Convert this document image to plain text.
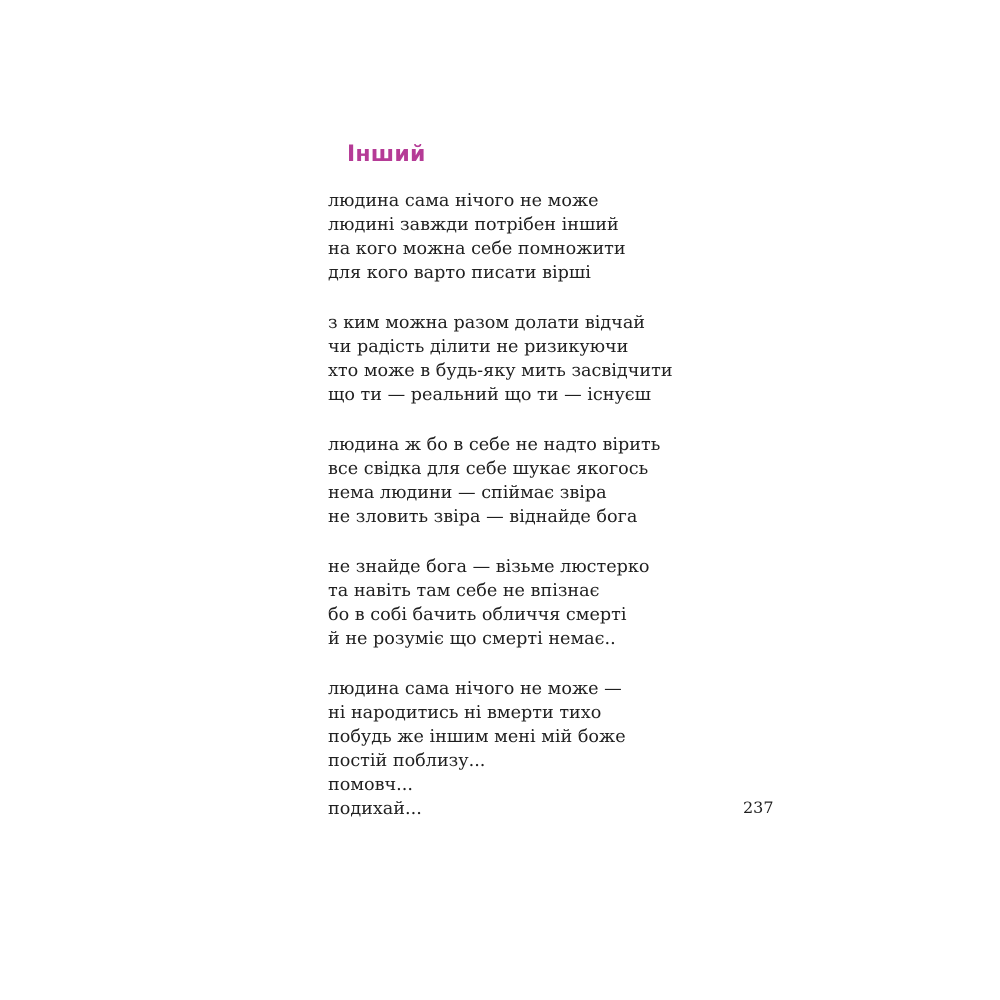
Інший
людина сама нічого не може
людині завжди потрібен інший
на кого можна себе помножити
для кого варто писати вірші
з ким можна разом долати відчай
чи радість ділити не ризикуючи
хто може в будь-яку мить засвідчити
що ти — реальний що ти — існуєш
людина ж бо в себе не надто вірить
все свідка для себе шукає якогось
нема людини — спіймає звіра
не зловить звіра — віднайде бога
не знайде бога — візьме люстерко
та навіть там себе не впізнає
бо в собі бачить обличчя смерті
й не розуміє що смерті немає..
людина сама нічого не може —
ні народитись ні вмерти тихо
побудь же іншим мені мій боже
постій поблизу...
помовч...
подихай...	237
